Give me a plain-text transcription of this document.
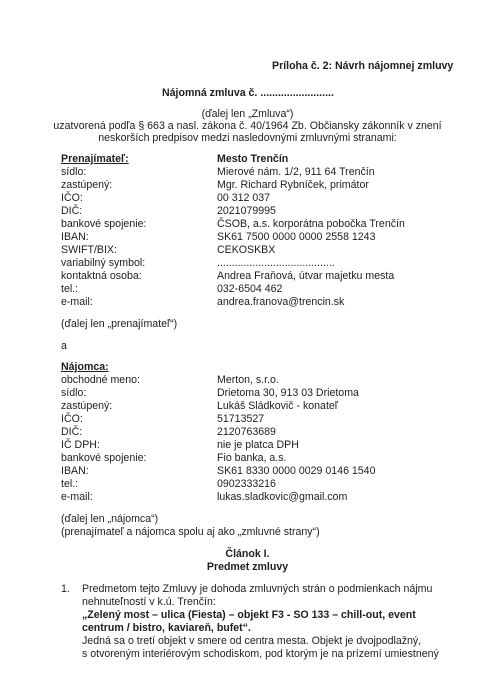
Príloha č. 2: Návrh nájomnej zmluvy
Nájomná zmluva č. .........................
(ďalej len „Zmluva“)
uzatvorená podľa § 663 a nasl. zákona č. 40/1964 Zb. Občiansky zákonník v znení
neskorších predpisov medzi nasledovnými zmluvnými stranami:
Prenajímateľ:	Mesto Trenčín
sídlo:	Mierové nám. 1/2, 911 64 Trenčín
zastúpený:	Mgr. Richard Rybníček, primátor
IČO:	00 312 037
DIČ:	2021079995
bankové spojenie:	ČSOB, a.s. korporátna pobočka Trenčín
IBAN:	SK61 7500 0000 0000 2558 1243
SWIFT/BIX:	CEKOSKBX
variabilný symbol:	........................................
kontaktná osoba:	Andrea Fraňová, útvar majetku mesta
tel.:	032-6504 462
e-mail:	andrea.franova@trencin.sk
(ďalej len „prenajímateľ“)
a
Nájomca:
obchodné meno:	Merton, s.r.o.
sídlo:	Drietoma 30, 913 03 Drietoma
zastúpený:	Lukáš Sládkovič - konateľ
IČO:	51713527
DIČ:	2120763689
IČ DPH:	nie je platca DPH
bankové spojenie:	Fio banka, a.s.
IBAN:	SK61 8330 0000 0029 0146 1540
tel.:	0902333216
e-mail:	lukas.sladkovic@gmail.com
(ďalej len „nájomca“)
(prenajímateľ a nájomca spolu aj ako „zmluvné strany“)
Článok I.
Predmet zmluvy
1. Predmetom tejto Zmluvy je dohoda zmluvných strán o podmienkach nájmu
nehnuteľností v k.ú. Trenčín:
„Zelený most – ulica (Fiesta) – objekt F3 - SO 133 – chill-out, event
centrum / bistro, kaviareň, bufet“.
Jedná sa o tretí objekt v smere od centra mesta. Objekt je dvojpodlažný,
s otvoreným interiérovým schodiskom, pod ktorým je na prízemí umiestnený
